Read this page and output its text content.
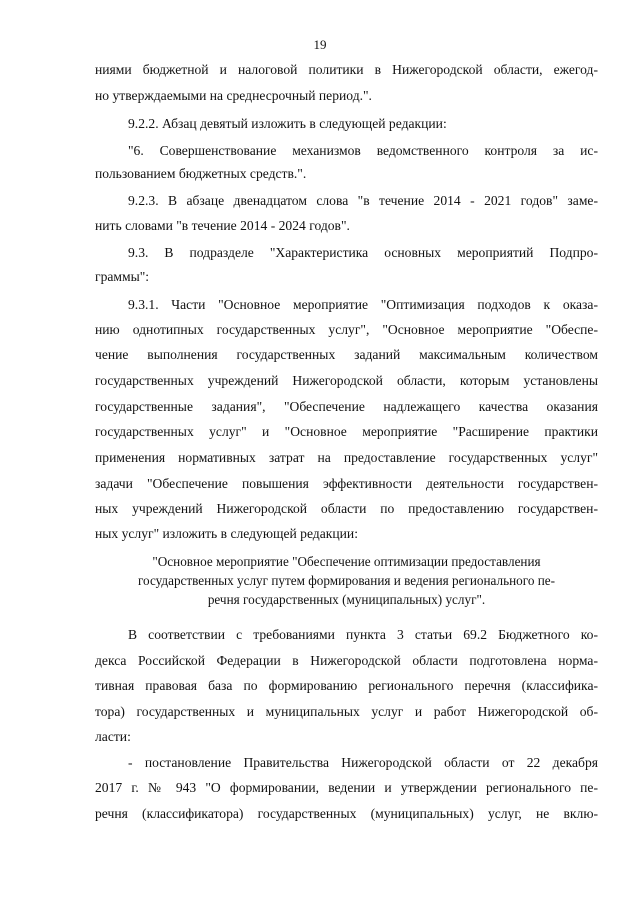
19
ниями бюджетной и налоговой политики в Нижегородской области, ежегод-
но утверждаемыми на среднесрочный период.".
9.2.2. Абзац девятый изложить в следующей редакции:
"6. Совершенствование механизмов ведомственного контроля за ис-
пользованием бюджетных средств.".
9.2.3. В абзаце двенадцатом слова "в течение 2014 - 2021 годов" заме-
нить словами "в течение 2014 - 2024 годов".
9.3. В подразделе "Характеристика основных мероприятий Подпро-
граммы":
9.3.1. Части "Основное мероприятие "Оптимизация подходов к оказа-
нию однотипных государственных услуг", "Основное мероприятие "Обеспе-
чение выполнения государственных заданий максимальным количеством
государственных учреждений Нижегородской области, которым установлены
государственные задания", "Обеспечение надлежащего качества оказания
государственных услуг" и "Основное мероприятие "Расширение практики
применения нормативных затрат на предоставление государственных услуг"
задачи "Обеспечение повышения эффективности деятельности государствен-
ных учреждений Нижегородской области по предоставлению государствен-
ных услуг" изложить в следующей редакции:
"Основное мероприятие "Обеспечение оптимизации предоставления
государственных услуг путем формирования и ведения регионального пе-
речня государственных (муниципальных) услуг".
В соответствии с требованиями пункта 3 статьи 69.2 Бюджетного ко-
декса Российской Федерации в Нижегородской области подготовлена норма-
тивная правовая база по формированию регионального перечня (классифика-
тора) государственных и муниципальных услуг и работ Нижегородской об-
ласти:
- постановление Правительства Нижегородской области от 22 декабря
2017 г. № 943 "О формировании, ведении и утверждении регионального пе-
речня (классификатора) государственных (муниципальных) услуг, не вклю-
